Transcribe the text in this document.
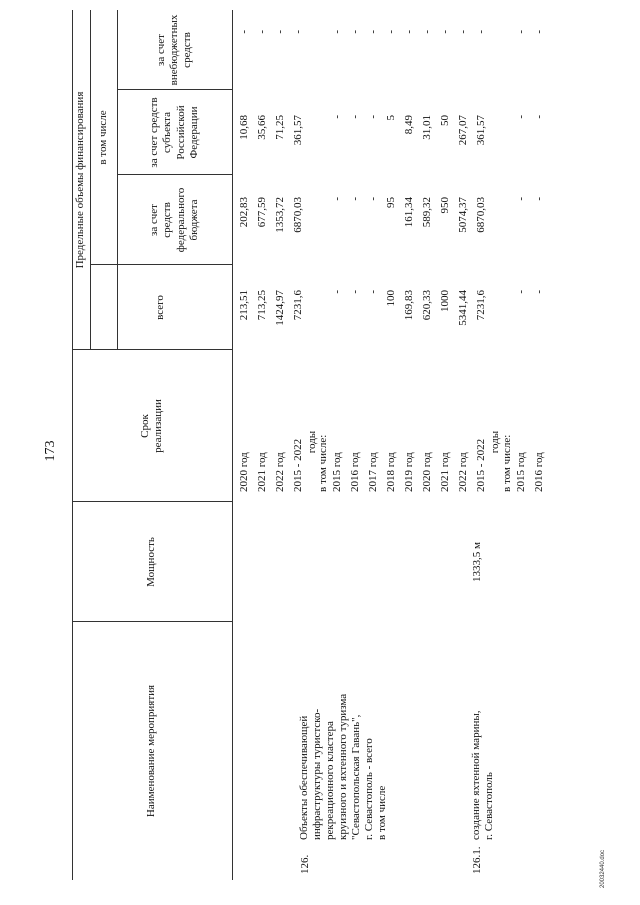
173
20032440.doc
Наименование мероприятия
Мощность
Срок реализации
Предельные объемы финансирования
всего
в том числе
за счет средств федерального бюджета
за счет средств субъекта Российской Федерации
за счет внебюджетных средств
126.
Объекты обеспечивающей инфраструктуры туристско- рекреационного кластера круизного и яхтенного туризма "Севастопольская Гавань", г. Севастополь - всего в том числе
126.1.
создание яхтенной марины, г. Севастополь
1333,5 м
2020 год
213,51
202,83
10,68
-
2021 год
713,25
677,59
35,66
-
2022 год
1424,97
1353,72
71,25
-
2015 - 2022 годы
7231,6
6870,03
361,57
-
в том числе: 2015 год
-
-
-
-
2016 год
-
-
-
-
2017 год
-
-
-
-
2018 год
100
95
5
-
2019 год
169,83
161,34
8,49
-
2020 год
620,33
589,32
31,01
-
2021 год
1000
950
50
-
2022 год
5341,44
5074,37
267,07
-
2015 - 2022 годы
7231,6
6870,03
361,57
-
в том числе: 2015 год
-
-
-
-
2016 год
-
-
-
-
